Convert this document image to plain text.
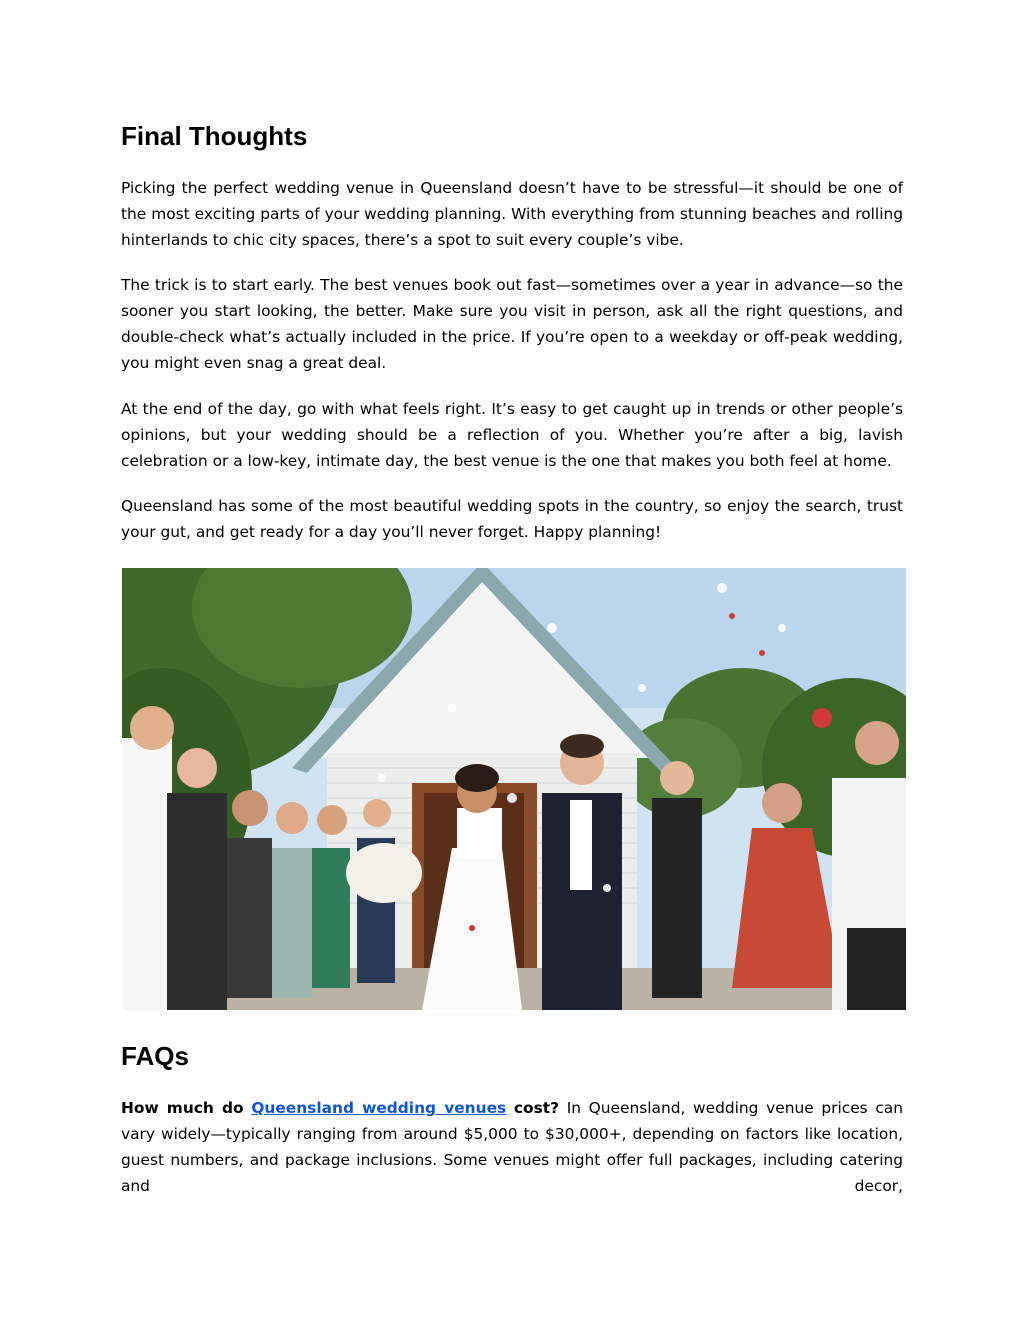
Final Thoughts

Picking the perfect wedding venue in Queensland doesn’t have to be stressful—it should be one of the most exciting parts of your wedding planning. With everything from stunning beaches and rolling hinterlands to chic city spaces, there’s a spot to suit every couple’s vibe.

The trick is to start early. The best venues book out fast—sometimes over a year in advance—so the sooner you start looking, the better. Make sure you visit in person, ask all the right questions, and double-check what’s actually included in the price. If you’re open to a weekday or off-peak wedding, you might even snag a great deal.

At the end of the day, go with what feels right. It’s easy to get caught up in trends or other people’s opinions, but your wedding should be a reflection of you. Whether you’re after a big, lavish celebration or a low-key, intimate day, the best venue is the one that makes you both feel at home.

Queensland has some of the most beautiful wedding spots in the country, so enjoy the search, trust your gut, and get ready for a day you’ll never forget. Happy planning!

FAQs

How much do Queensland wedding venues cost? In Queensland, wedding venue prices can vary widely—typically ranging from around $5,000 to $30,000+, depending on factors like location, guest numbers, and package inclusions. Some venues might offer full packages, including catering and decor,
